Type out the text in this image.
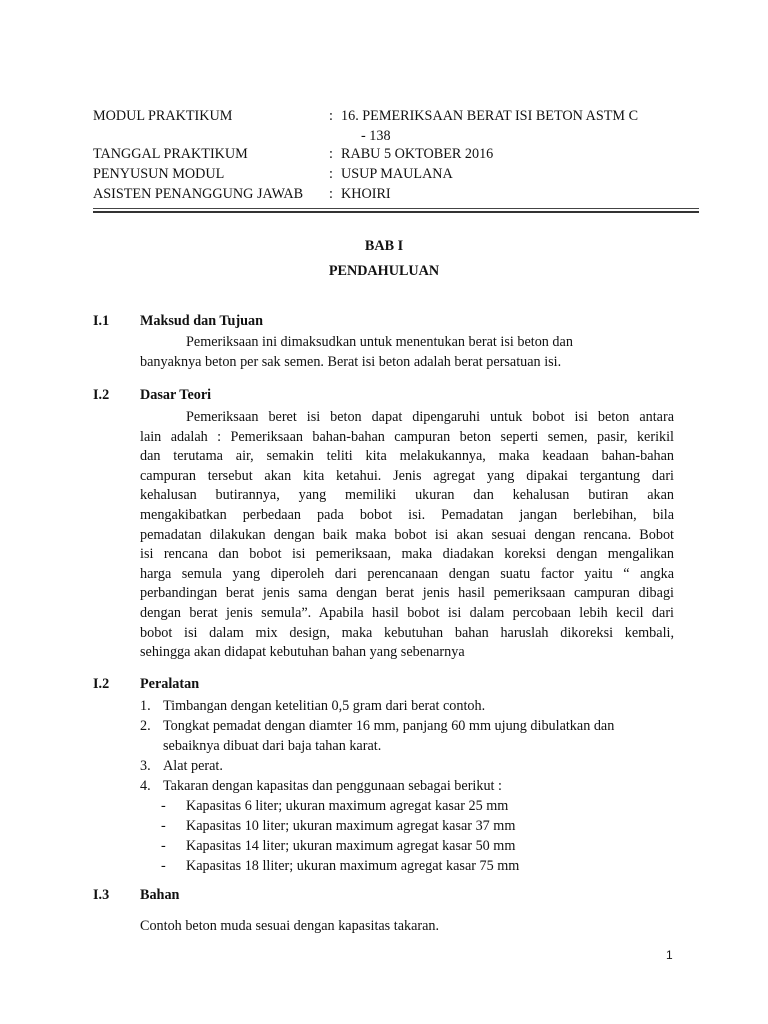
MODUL PRAKTIKUM	: 16. PEMERIKSAAN BERAT ISI BETON ASTM C
- 138
TANGGAL PRAKTIKUM	: RABU 5 OKTOBER 2016
PENYUSUN MODUL	: USUP MAULANA
ASISTEN PENANGGUNG JAWAB : KHOIRI
BAB I
PENDAHULUAN
I.1 Maksud dan Tujuan
Pemeriksaan ini dimaksudkan untuk menentukan berat isi beton dan
banyaknya beton per sak semen. Berat isi beton adalah berat persatuan isi.
I.2 Dasar Teori
Pemeriksaan beret isi beton dapat dipengaruhi untuk bobot isi beton antara
lain adalah : Pemeriksaan bahan-bahan campuran beton seperti semen, pasir, kerikil
dan terutama air, semakin teliti kita melakukannya, maka keadaan bahan-bahan
campuran tersebut akan kita ketahui. Jenis agregat yang dipakai tergantung dari
kehalusan butirannya, yang memiliki ukuran dan kehalusan butiran akan
mengakibatkan perbedaan pada bobot isi. Pemadatan jangan berlebihan, bila
pemadatan dilakukan dengan baik maka bobot isi akan sesuai dengan rencana. Bobot
isi rencana dan bobot isi pemeriksaan, maka diadakan koreksi dengan mengalikan
harga semula yang diperoleh dari perencanaan dengan suatu factor yaitu “ angka
perbandingan berat jenis sama dengan berat jenis hasil pemeriksaan campuran dibagi
dengan berat jenis semula”. Apabila hasil bobot isi dalam percobaan lebih kecil dari
bobot isi dalam mix design, maka kebutuhan bahan haruslah dikoreksi kembali,
sehingga akan didapat kebutuhan bahan yang sebenarnya
I.2 Peralatan
1. Timbangan dengan ketelitian 0,5 gram dari berat contoh.
2. Tongkat pemadat dengan diamter 16 mm, panjang 60 mm ujung dibulatkan dan
sebaiknya dibuat dari baja tahan karat.
3. Alat perat.
4. Takaran dengan kapasitas dan penggunaan sebagai berikut :
- Kapasitas 6 liter; ukuran maximum agregat kasar 25 mm
- Kapasitas 10 liter; ukuran maximum agregat kasar 37 mm
- Kapasitas 14 liter; ukuran maximum agregat kasar 50 mm
- Kapasitas 18 lliter; ukuran maximum agregat kasar 75 mm
I.3 Bahan
Contoh beton muda sesuai dengan kapasitas takaran.
1
